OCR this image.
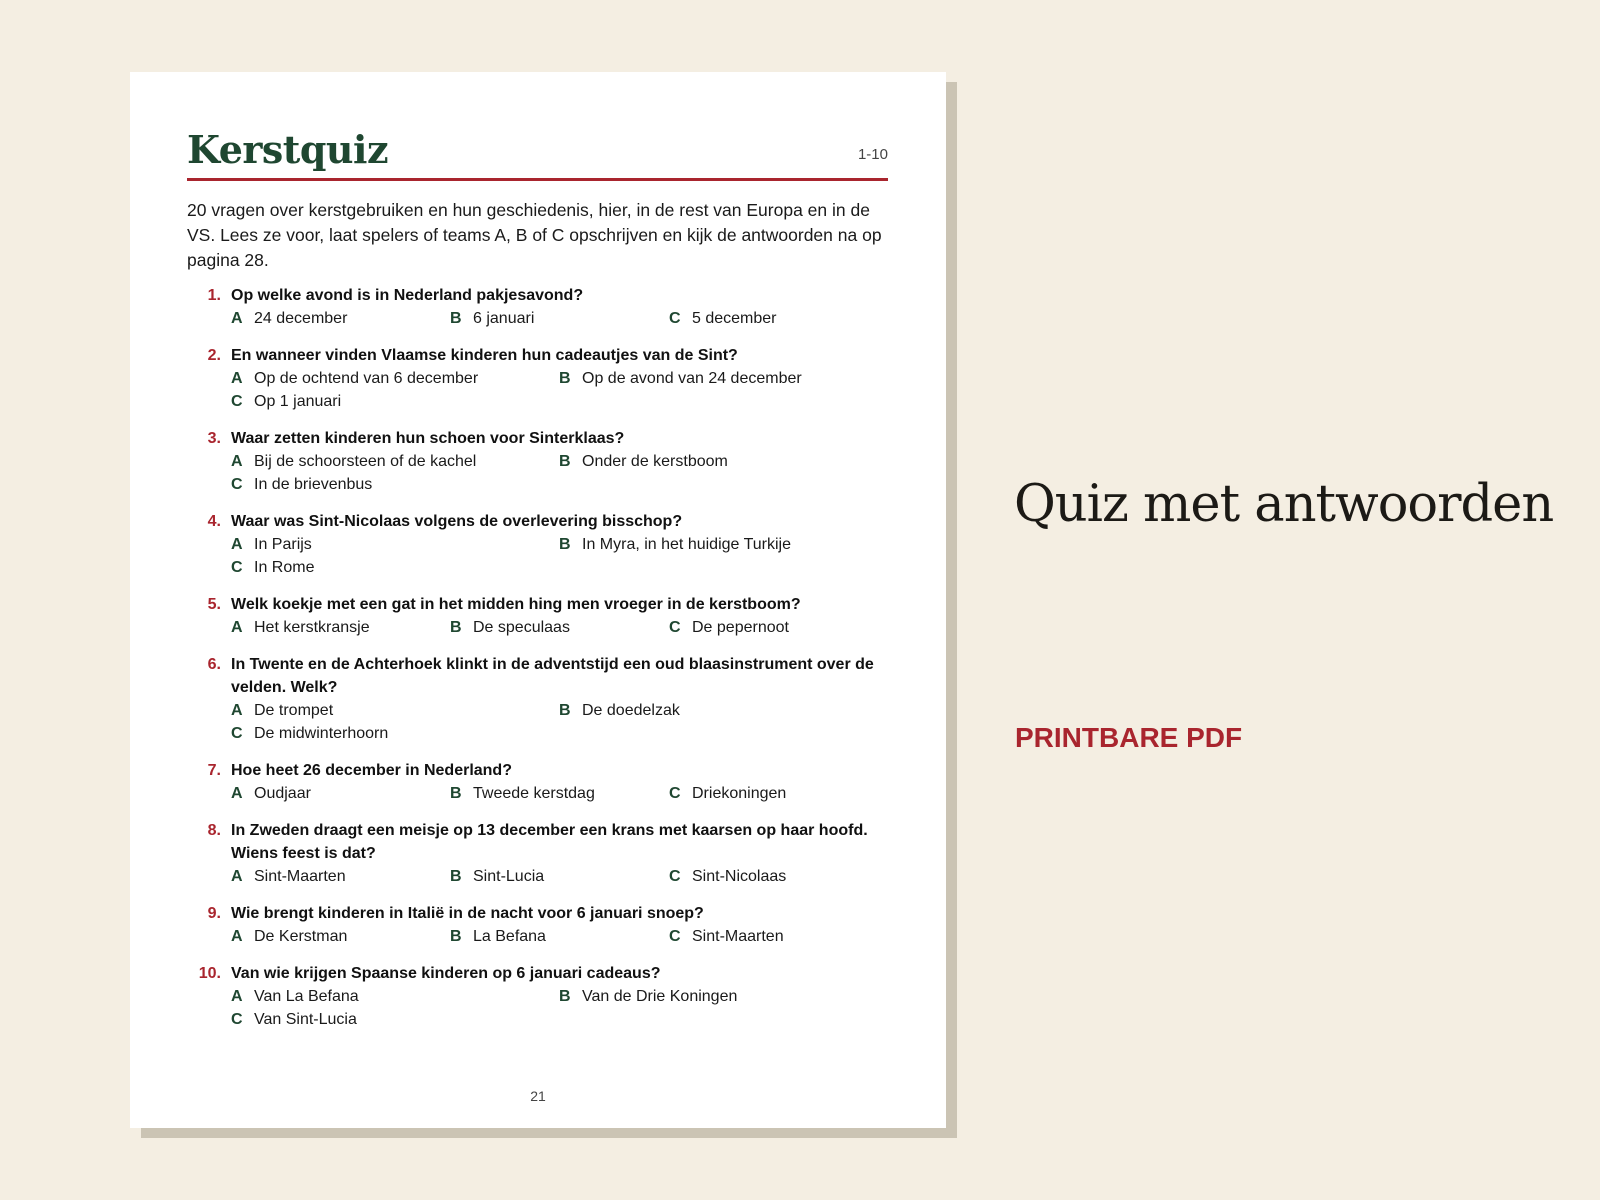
Kerstquiz	1-10

20 vragen over kerstgebruiken en hun geschiedenis, hier, in de rest van Europa en in de VS. Lees ze voor, laat spelers of teams A, B of C opschrijven en kijk de antwoorden na op pagina 28.

1. Op welke avond is in Nederland pakjesavond?

A 24 december	B 6 januari	C 5 december
2. En wanneer vinden Vlaamse kinderen hun cadeautjes van de Sint?

A Op de ochtend van 6 december	B Op de avond van 24 december
C Op 1 januari
3. Waar zetten kinderen hun schoen voor Sinterklaas?

A Bij de schoorsteen of de kachel	B Onder de kerstboom
C In de brievenbus
4. Waar was Sint-Nicolaas volgens de overlevering bisschop?

A In Parijs	B In Myra, in het huidige Turkije
C In Rome
5. Welk koekje met een gat in het midden hing men vroeger in de kerstboom?

A Het kerstkransje	B De speculaas	C De pepernoot
6. In Twente en de Achterhoek klinkt in de adventstijd een oud blaasinstrument over de velden. Welk?

A De trompet	B De doedelzak
C De midwinterhoorn
7. Hoe heet 26 december in Nederland?

A Oudjaar	B Tweede kerstdag	C Driekoningen
8. In Zweden draagt een meisje op 13 december een krans met kaarsen op haar hoofd. Wiens feest is dat?

A Sint-Maarten	B Sint-Lucia	C Sint-Nicolaas
9. Wie brengt kinderen in Italië in de nacht voor 6 januari snoep?

A De Kerstman	B La Befana	C Sint-Maarten
10. Van wie krijgen Spaanse kinderen op 6 januari cadeaus?

A Van La Befana	B Van de Drie Koningen
C Van Sint-Lucia
21
Quiz met antwoorden
PRINTBARE PDF
